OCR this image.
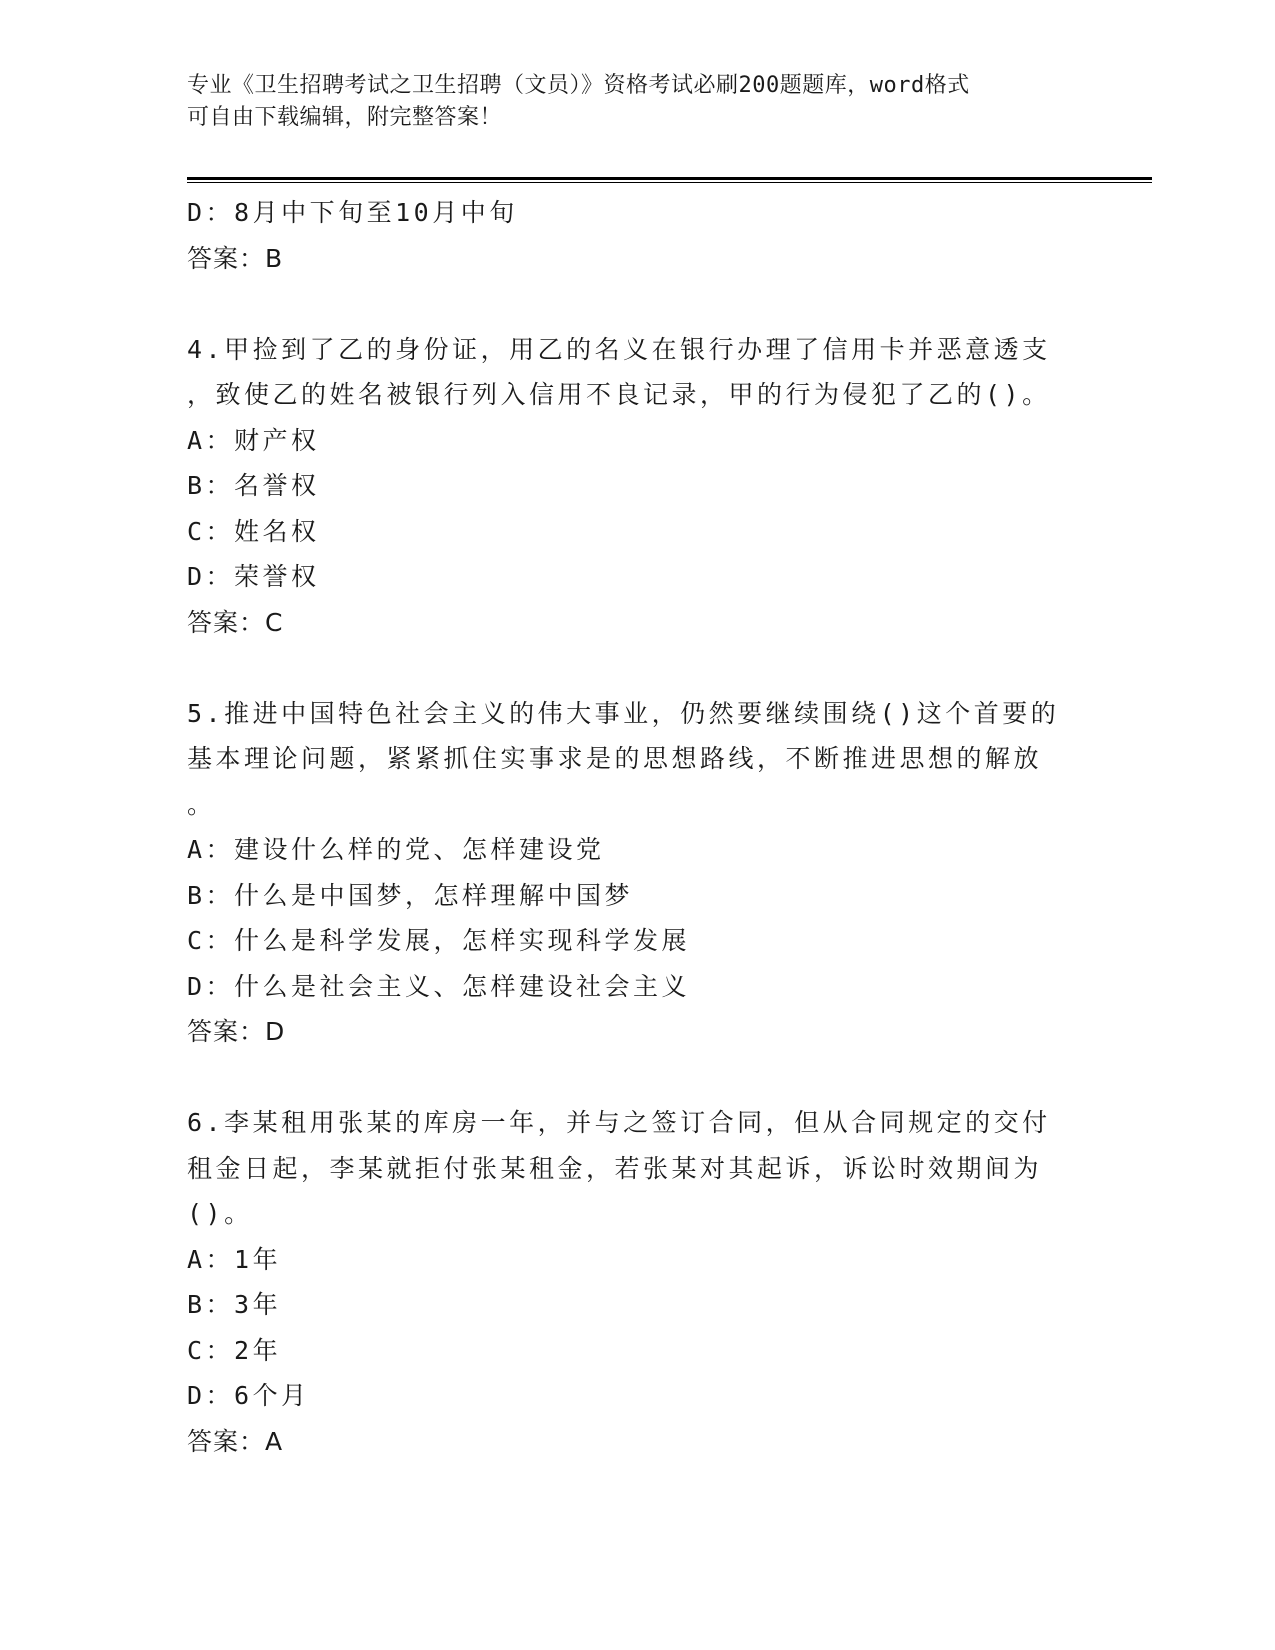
专业《卫生招聘考试之卫生招聘（文员）》资格考试必刷200题题库，word格式
可自由下载编辑，附完整答案！
D：8月中下旬至10月中旬
答案：B
4.甲捡到了乙的身份证，用乙的名义在银行办理了信用卡并恶意透支
，致使乙的姓名被银行列入信用不良记录，甲的行为侵犯了乙的()。
A：财产权
B：名誉权
C：姓名权
D：荣誉权
答案：C
5.推进中国特色社会主义的伟大事业，仍然要继续围绕()这个首要的
基本理论问题，紧紧抓住实事求是的思想路线，不断推进思想的解放
。
A：建设什么样的党、怎样建设党
B：什么是中国梦，怎样理解中国梦
C：什么是科学发展，怎样实现科学发展
D：什么是社会主义、怎样建设社会主义
答案：D
6.李某租用张某的库房一年，并与之签订合同，但从合同规定的交付
租金日起，李某就拒付张某租金，若张某对其起诉，诉讼时效期间为
()。
A：1年
B：3年
C：2年
D：6个月
答案：A
